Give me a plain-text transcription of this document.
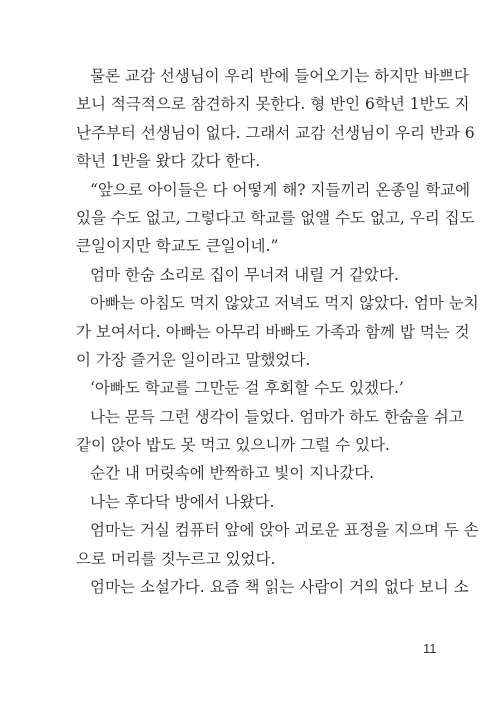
물론 교감 선생님이 우리 반에 들어오기는 하지만 바쁘다
보니 적극적으로 참견하지 못한다. 형 반인 6학년 1반도 지
난주부터 선생님이 없다. 그래서 교감 선생님이 우리 반과 6
학년 1반을 왔다 갔다 한다.
“앞으로 아이들은 다 어떻게 해? 지들끼리 온종일 학교에
있을 수도 없고, 그렇다고 학교를 없앨 수도 없고, 우리 집도
큰일이지만 학교도 큰일이네.”
엄마 한숨 소리로 집이 무너져 내릴 거 같았다.
아빠는 아침도 먹지 않았고 저녁도 먹지 않았다. 엄마 눈치
가 보여서다. 아빠는 아무리 바빠도 가족과 함께 밥 먹는 것
이 가장 즐거운 일이라고 말했었다.
‘아빠도 학교를 그만둔 걸 후회할 수도 있겠다.’
나는 문득 그런 생각이 들었다. 엄마가 하도 한숨을 쉬고
같이 앉아 밥도 못 먹고 있으니까 그럴 수 있다.
순간 내 머릿속에 반짝하고 빛이 지나갔다.
나는 후다닥 방에서 나왔다.
엄마는 거실 컴퓨터 앞에 앉아 괴로운 표정을 지으며 두 손
으로 머리를 짓누르고 있었다.
엄마는 소설가다. 요즘 책 읽는 사람이 거의 없다 보니 소
11
